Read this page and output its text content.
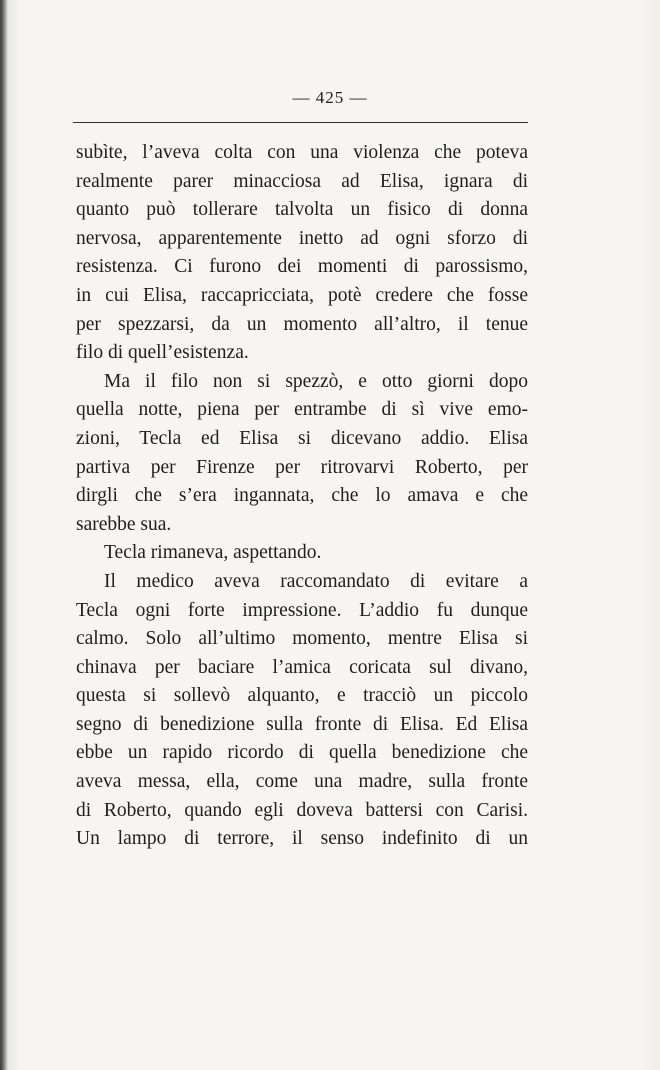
— 425 —
subìte, l’aveva colta con una violenza che poteva
realmente parer minacciosa ad Elisa, ignara di
quanto può tollerare talvolta un fisico di donna
nervosa, apparentemente inetto ad ogni sforzo di
resistenza. Ci furono dei momenti di parossismo,
in cui Elisa, raccapricciata, potè credere che fosse
per spezzarsi, da un momento all’altro, il tenue
filo di quell’esistenza.
Ma il filo non si spezzò, e otto giorni dopo
quella notte, piena per entrambe di sì vive emo-
zioni, Tecla ed Elisa si dicevano addio. Elisa
partiva per Firenze per ritrovarvi Roberto, per
dirgli che s’era ingannata, che lo amava e che
sarebbe sua.
Tecla rimaneva, aspettando.
Il medico aveva raccomandato di evitare a
Tecla ogni forte impressione. L’addio fu dunque
calmo. Solo all’ultimo momento, mentre Elisa si
chinava per baciare l’amica coricata sul divano,
questa si sollevò alquanto, e tracciò un piccolo
segno di benedizione sulla fronte di Elisa. Ed Elisa
ebbe un rapido ricordo di quella benedizione che
aveva messa, ella, come una madre, sulla fronte
di Roberto, quando egli doveva battersi con Carisi.
Un lampo di terrore, il senso indefinito di un
